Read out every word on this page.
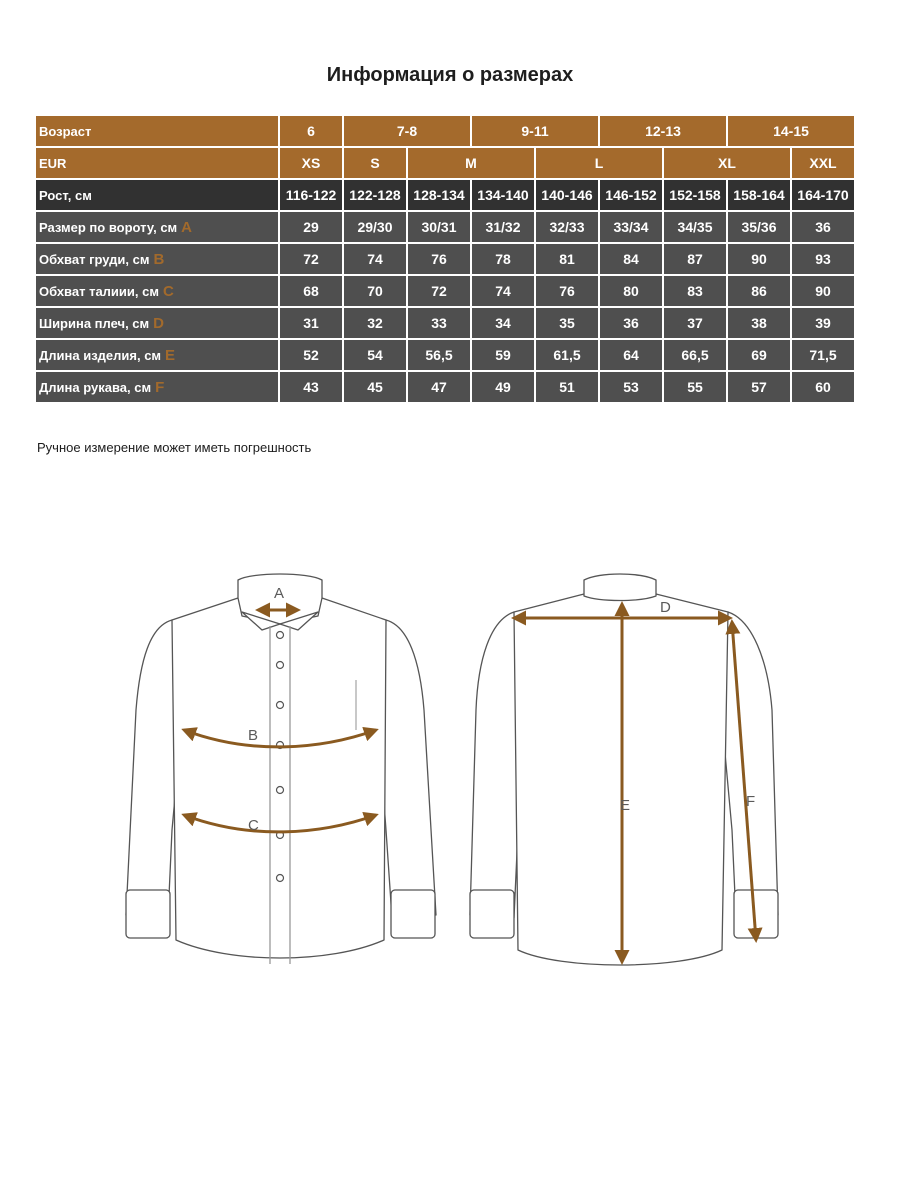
Информация о размерах
Возраст	6	7-8		9-11		12-13		14-15	
EUR	XS	S	M		L		XL		XXL
Рост, см	116-122	122-128	128-134	134-140	140-146	146-152	152-158	158-164	164-170
Размер по вороту, см A	29	29/30	30/31	31/32	32/33	33/34	34/35	35/36	36
Обхват груди, см B	72	74	76	78	81	84	87	90	93
Обхват талиии, см C	68	70	72	74	76	80	83	86	90
Ширина плеч, см D	31	32	33	34	35	36	37	38	39
Длина изделия, см E	52	54	56,5	59	61,5	64	66,5	69	71,5
Длина рукава, см F	43	45	47	49	51	53	55	57	60
Ручное измерение может иметь погрешность
A
B
C
D
E	F
